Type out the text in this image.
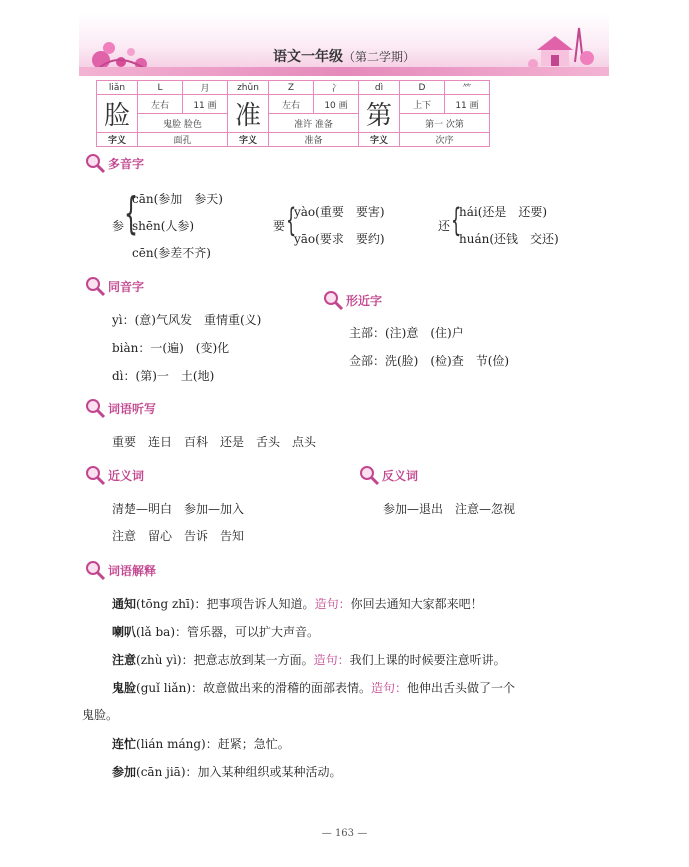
语文一年级（第二学期）
liǎn	L	月	zhǔn	Z	冫	dì	D	⺮
脸	左右	11 画	准	左右	10 画	第	上下	11 画
	鬼脸 脸色			准许 准备			第一 次第	
字义	面孔		字义	准备		字义	次序	
多音字
参 {
cān(参加　参天)
shēn(人参)
cēn(参差不齐)
要 {
yào(重要　要害)
yāo(要求　要约)
还 {
hái(还是　还要)
huán(还钱　交还)
同音字
yì：(意)气风发　重情重(义)
biàn：一(遍)　(变)化
dì：(第)一　土(地)
形近字
主部：(注)意　(住)户
佥部：洗(脸)　(检)查　节(俭)
词语听写
重要　连日　百科　还是　舌头　点头
近义词
清楚—明白　参加—加入
注意　留心　告诉　告知
反义词
参加—退出　注意—忽视
词语解释
通知(tōng zhī)：把事项告诉人知道。造句：你回去通知大家都来吧！
喇叭(lǎ ba)：管乐器，可以扩大声音。
注意(zhù yì)：把意志放到某一方面。造句：我们上课的时候要注意听讲。
鬼脸(guǐ liǎn)：故意做出来的滑稽的面部表情。造句：他伸出舌头做了一个
鬼脸。
连忙(lián máng)：赶紧；急忙。
参加(cān jiā)：加入某种组织或某种活动。
— 163 —
